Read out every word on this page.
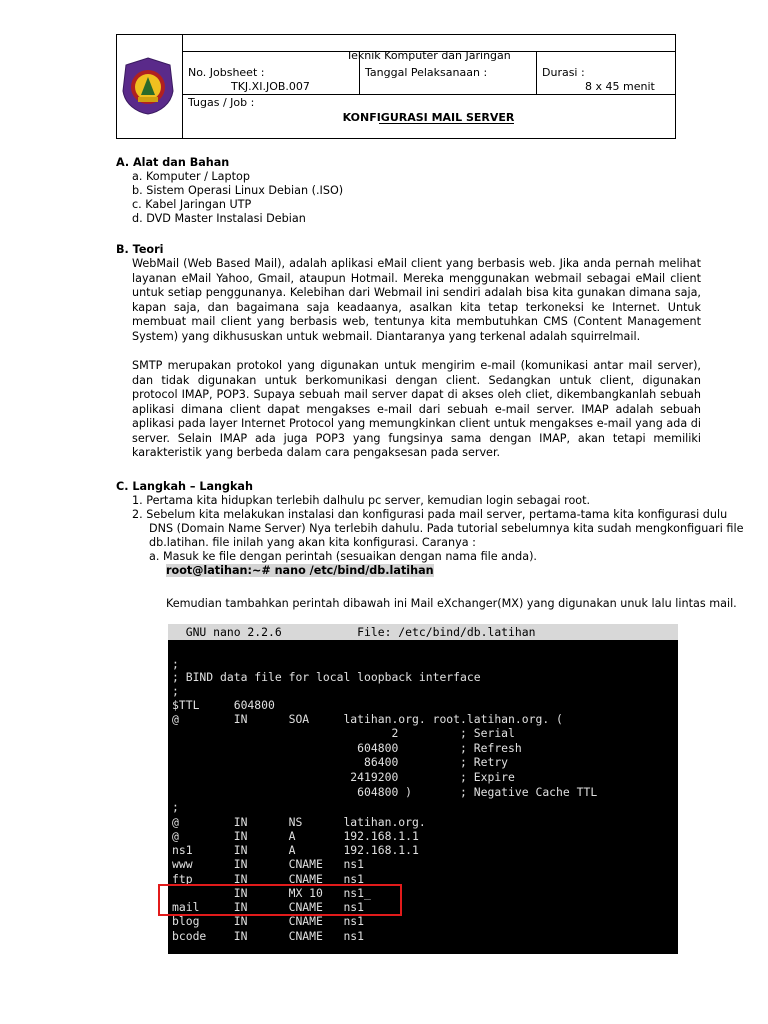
Teknik Komputer dan Jaringan
No. Jobsheet :
TKJ.XI.JOB.007
Tanggal Pelaksanaan :	Durasi :
8 x 45 menit
Tugas / Job :
KONFIGURASI MAIL SERVER
A. Alat dan Bahan
a. Komputer / Laptop
b. Sistem Operasi Linux Debian (.ISO)
c. Kabel Jaringan UTP
d. DVD Master Instalasi Debian
B. Teori
WebMail (Web Based Mail), adalah aplikasi eMail client yang berbasis web. Jika anda pernah melihat layanan eMail Yahoo, Gmail, ataupun Hotmail. Mereka menggunakan webmail sebagai eMail client untuk setiap penggunanya. Kelebihan dari Webmail ini sendiri adalah bisa kita gunakan dimana saja, kapan saja, dan bagaimana saja keadaanya, asalkan kita tetap terkoneksi ke Internet. Untuk membuat mail client yang berbasis web, tentunya kita membutuhkan CMS (Content Management System) yang dikhususkan untuk webmail. Diantaranya yang terkenal adalah squirrelmail.
SMTP merupakan protokol yang digunakan untuk mengirim e-mail (komunikasi antar mail server), dan tidak digunakan untuk berkomunikasi dengan client. Sedangkan untuk client, digunakan protocol IMAP, POP3. Supaya sebuah mail server dapat di akses oleh cliet, dikembangkanlah sebuah aplikasi dimana client dapat mengakses e-mail dari sebuah e-mail server. IMAP adalah sebuah aplikasi pada layer Internet Protocol yang memungkinkan client untuk mengakses e-mail yang ada di server. Selain IMAP ada juga POP3 yang fungsinya sama dengan IMAP, akan tetapi memiliki karakteristik yang berbeda dalam cara pengaksesan pada server.
C. Langkah – Langkah
1. Pertama kita hidupkan terlebih dalhulu pc server, kemudian login sebagai root.
2. Sebelum kita melakukan instalasi dan konfigurasi pada mail server, pertama-tama kita konfigurasi dulu
DNS (Domain Name Server) Nya terlebih dahulu. Pada tutorial sebelumnya kita sudah mengkonfiguari file
db.latihan. file inilah yang akan kita konfigurasi. Caranya :
a. Masuk ke file dengan perintah (sesuaikan dengan nama file anda).
root@latihan:~# nano /etc/bind/db.latihan
Kemudian tambahkan perintah dibawah ini Mail eXchanger(MX) yang digunakan unuk lalu lintas mail.
GNU nano 2.2.6           File: /etc/bind/db.latihan
;
; BIND data file for local loopback interface
;
$TTL     604800
@        IN      SOA     latihan.org. root.latihan.org. (
2         ; Serial
604800         ; Refresh
86400         ; Retry
2419200         ; Expire
604800 )       ; Negative Cache TTL
;
@        IN      NS      latihan.org.
@        IN      A       192.168.1.1
ns1      IN      A       192.168.1.1
www      IN      CNAME   ns1
ftp      IN      CNAME   ns1
IN      MX 10   ns1_
mail     IN      CNAME   ns1
blog     IN      CNAME   ns1
bcode    IN      CNAME   ns1
